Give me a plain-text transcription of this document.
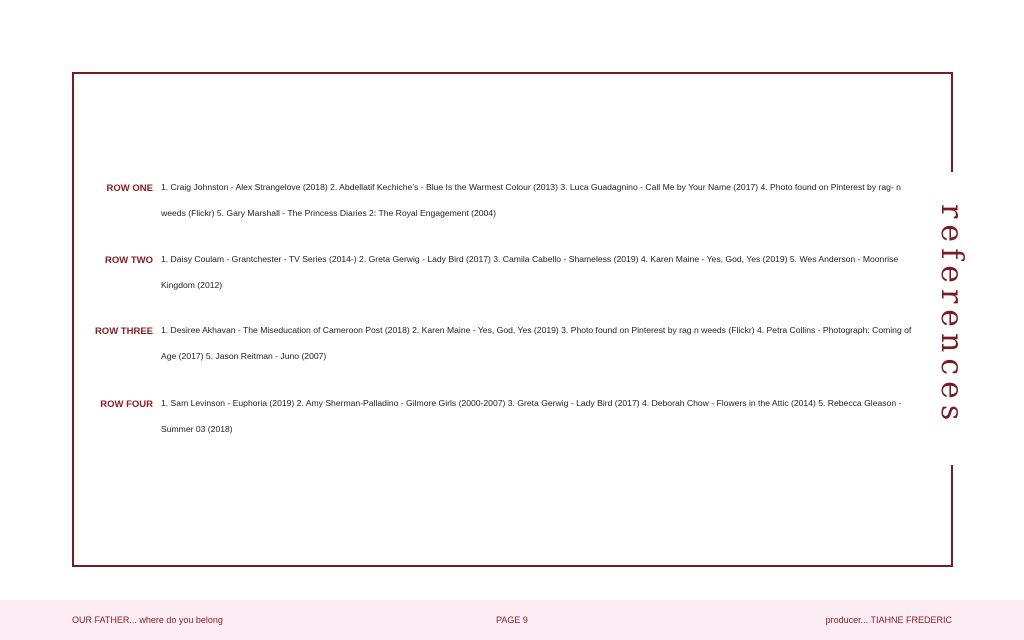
references
ROW ONE 1. Craig Johnston - Alex Strangelove (2018) 2. Abdellatif Kechiche’s - Blue Is the Warmest Colour (2013) 3. Luca Guadagnino - Call Me by Your Name (2017) 4. Photo found on Pinterest by rag- n weeds (Flickr) 5. Gary Marshall - The Princess Diaries 2: The Royal Engagement (2004)
ROW TWO 1. Daisy Coulam - Grantchester - TV Series (2014-) 2. Greta Gerwig - Lady Bird (2017) 3. Camila Cabello - Shameless (2019) 4. Karen Maine - Yes, God, Yes (2019) 5. Wes Anderson - Moonrise Kingdom (2012)
ROW THREE 1. Desiree Akhavan - The Miseducation of Cameroon Post (2018) 2. Karen Maine - Yes, God, Yes (2019) 3. Photo found on Pinterest by rag n weeds (Flickr) 4. Petra Collins - Photograph: Coming of Age (2017) 5. Jason Reitman - Juno (2007)
ROW FOUR 1. Sam Levinson - Euphoria (2019) 2. Amy Sherman-Palladino - Gilmore Girls (2000-2007) 3. Greta Gerwig - Lady Bird (2017) 4. Deborah Chow - Flowers in the Attic (2014) 5. Rebecca Gleason - Summer 03 (2018)
OUR FATHER... where do you belong	PAGE 9	producer... TIAHNE FREDERIC
